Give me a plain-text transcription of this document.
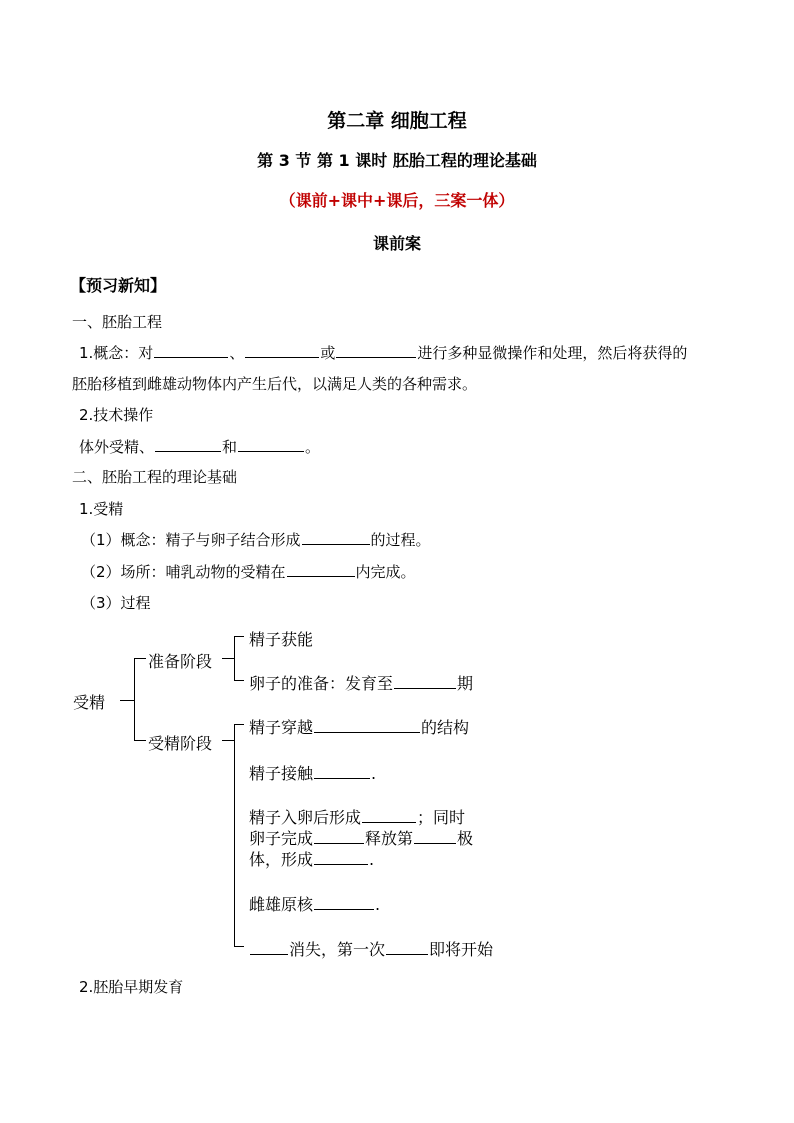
第二章 细胞工程
第 3 节 第 1 课时 胚胎工程的理论基础
（课前+课中+课后，三案一体）
课前案
【预习新知】
一、胚胎工程
1.概念：对	、	或	进行多种显微操作和处理，然后将获得的
胚胎移植到雌雄动物体内产生后代，以满足人类的各种需求。
2.技术操作
体外受精、	和	。
二、胚胎工程的理论基础
1.受精
（1）概念：精子与卵子结合形成	的过程。
（2）场所：哺乳动物的受精在	内完成。
（3）过程
受精
准备阶段
受精阶段
精子获能
卵子的准备：发育至	期
精子穿越	的结构
精子接触	.
精子入卵后形成	；同时
卵子完成	释放第	极
体，形成	.
雌雄原核	.
消失，第一次	即将开始
2.胚胎早期发育
